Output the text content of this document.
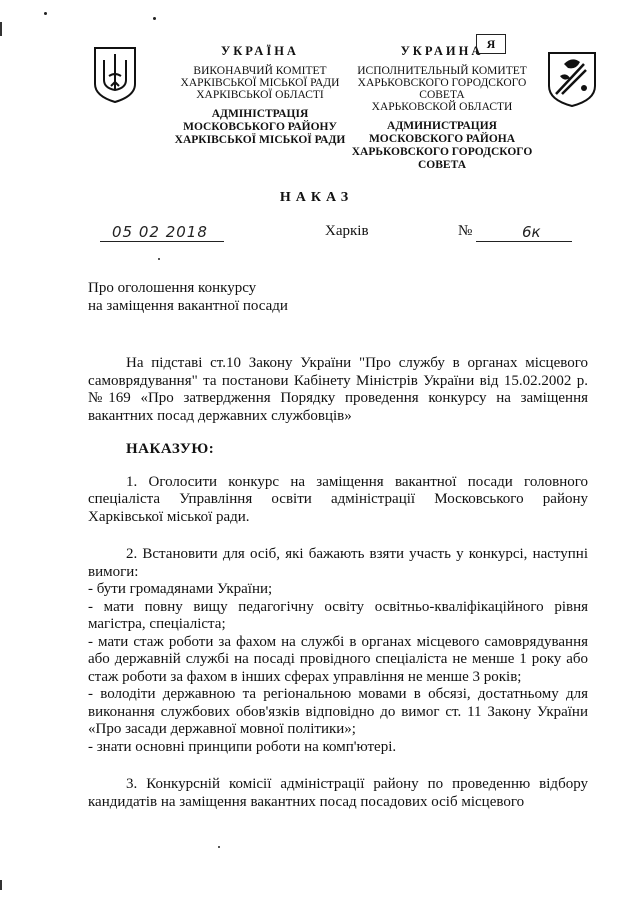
УКРАЇНА
ВИКОНАВЧИЙ КОМІТЕТ
ХАРКІВСЬКОЇ МІСЬКОЇ РАДИ
ХАРКІВСЬКОЇ ОБЛАСТІ
АДМІНІСТРАЦІЯ
МОСКОВСЬКОГО РАЙОНУ
ХАРКІВСЬКОЇ МІСЬКОЇ РАДИ
УКРАИНА
ИСПОЛНИТЕЛЬНЫЙ КОМИТЕТ
ХАРЬКОВСКОГО ГОРОДСКОГО СОВЕТА
ХАРЬКОВСКОЙ ОБЛАСТИ
АДМИНИСТРАЦИЯ
МОСКОВСКОГО РАЙОНА
ХАРЬКОВСКОГО ГОРОДСКОГО СОВЕТА
Я
НАКАЗ
05 02 2018	Харків	№	6к
Про оголошення конкурсу
на заміщення вакантної посади

На підставі ст.10 Закону України "Про службу в органах місцевого самоврядування" та постанови Кабінету Міністрів України від 15.02.2002 р. №169 «Про затвердження Порядку проведення конкурсу на заміщення вакантних посад державних службовців»

НАКАЗУЮ:

1. Оголосити конкурс на заміщення вакантної посади головного спеціаліста Управління освіти адміністрації Московського району Харківської міської ради.

2. Встановити для осіб, які бажають взяти участь у конкурсі, наступні вимоги:

- бути громадянами України;

- мати повну вищу педагогічну освіту освітньо-кваліфікаційного рівня магістра, спеціаліста;

- мати стаж роботи за фахом на службі в органах місцевого самоврядування або державній службі на посаді провідного спеціаліста не менше 1 року або стаж роботи за фахом в інших сферах управління не менше 3 років;

- володіти державною та регіональною мовами в обсязі, достатньому для виконання службових обов'язків відповідно до вимог ст. 11 Закону України «Про засади державної мовної політики»;

- знати основні принципи роботи на комп'ютері.

3. Конкурсній комісії адміністрації району по проведенню відбору кандидатів на заміщення вакантних посад посадових осіб місцевого
